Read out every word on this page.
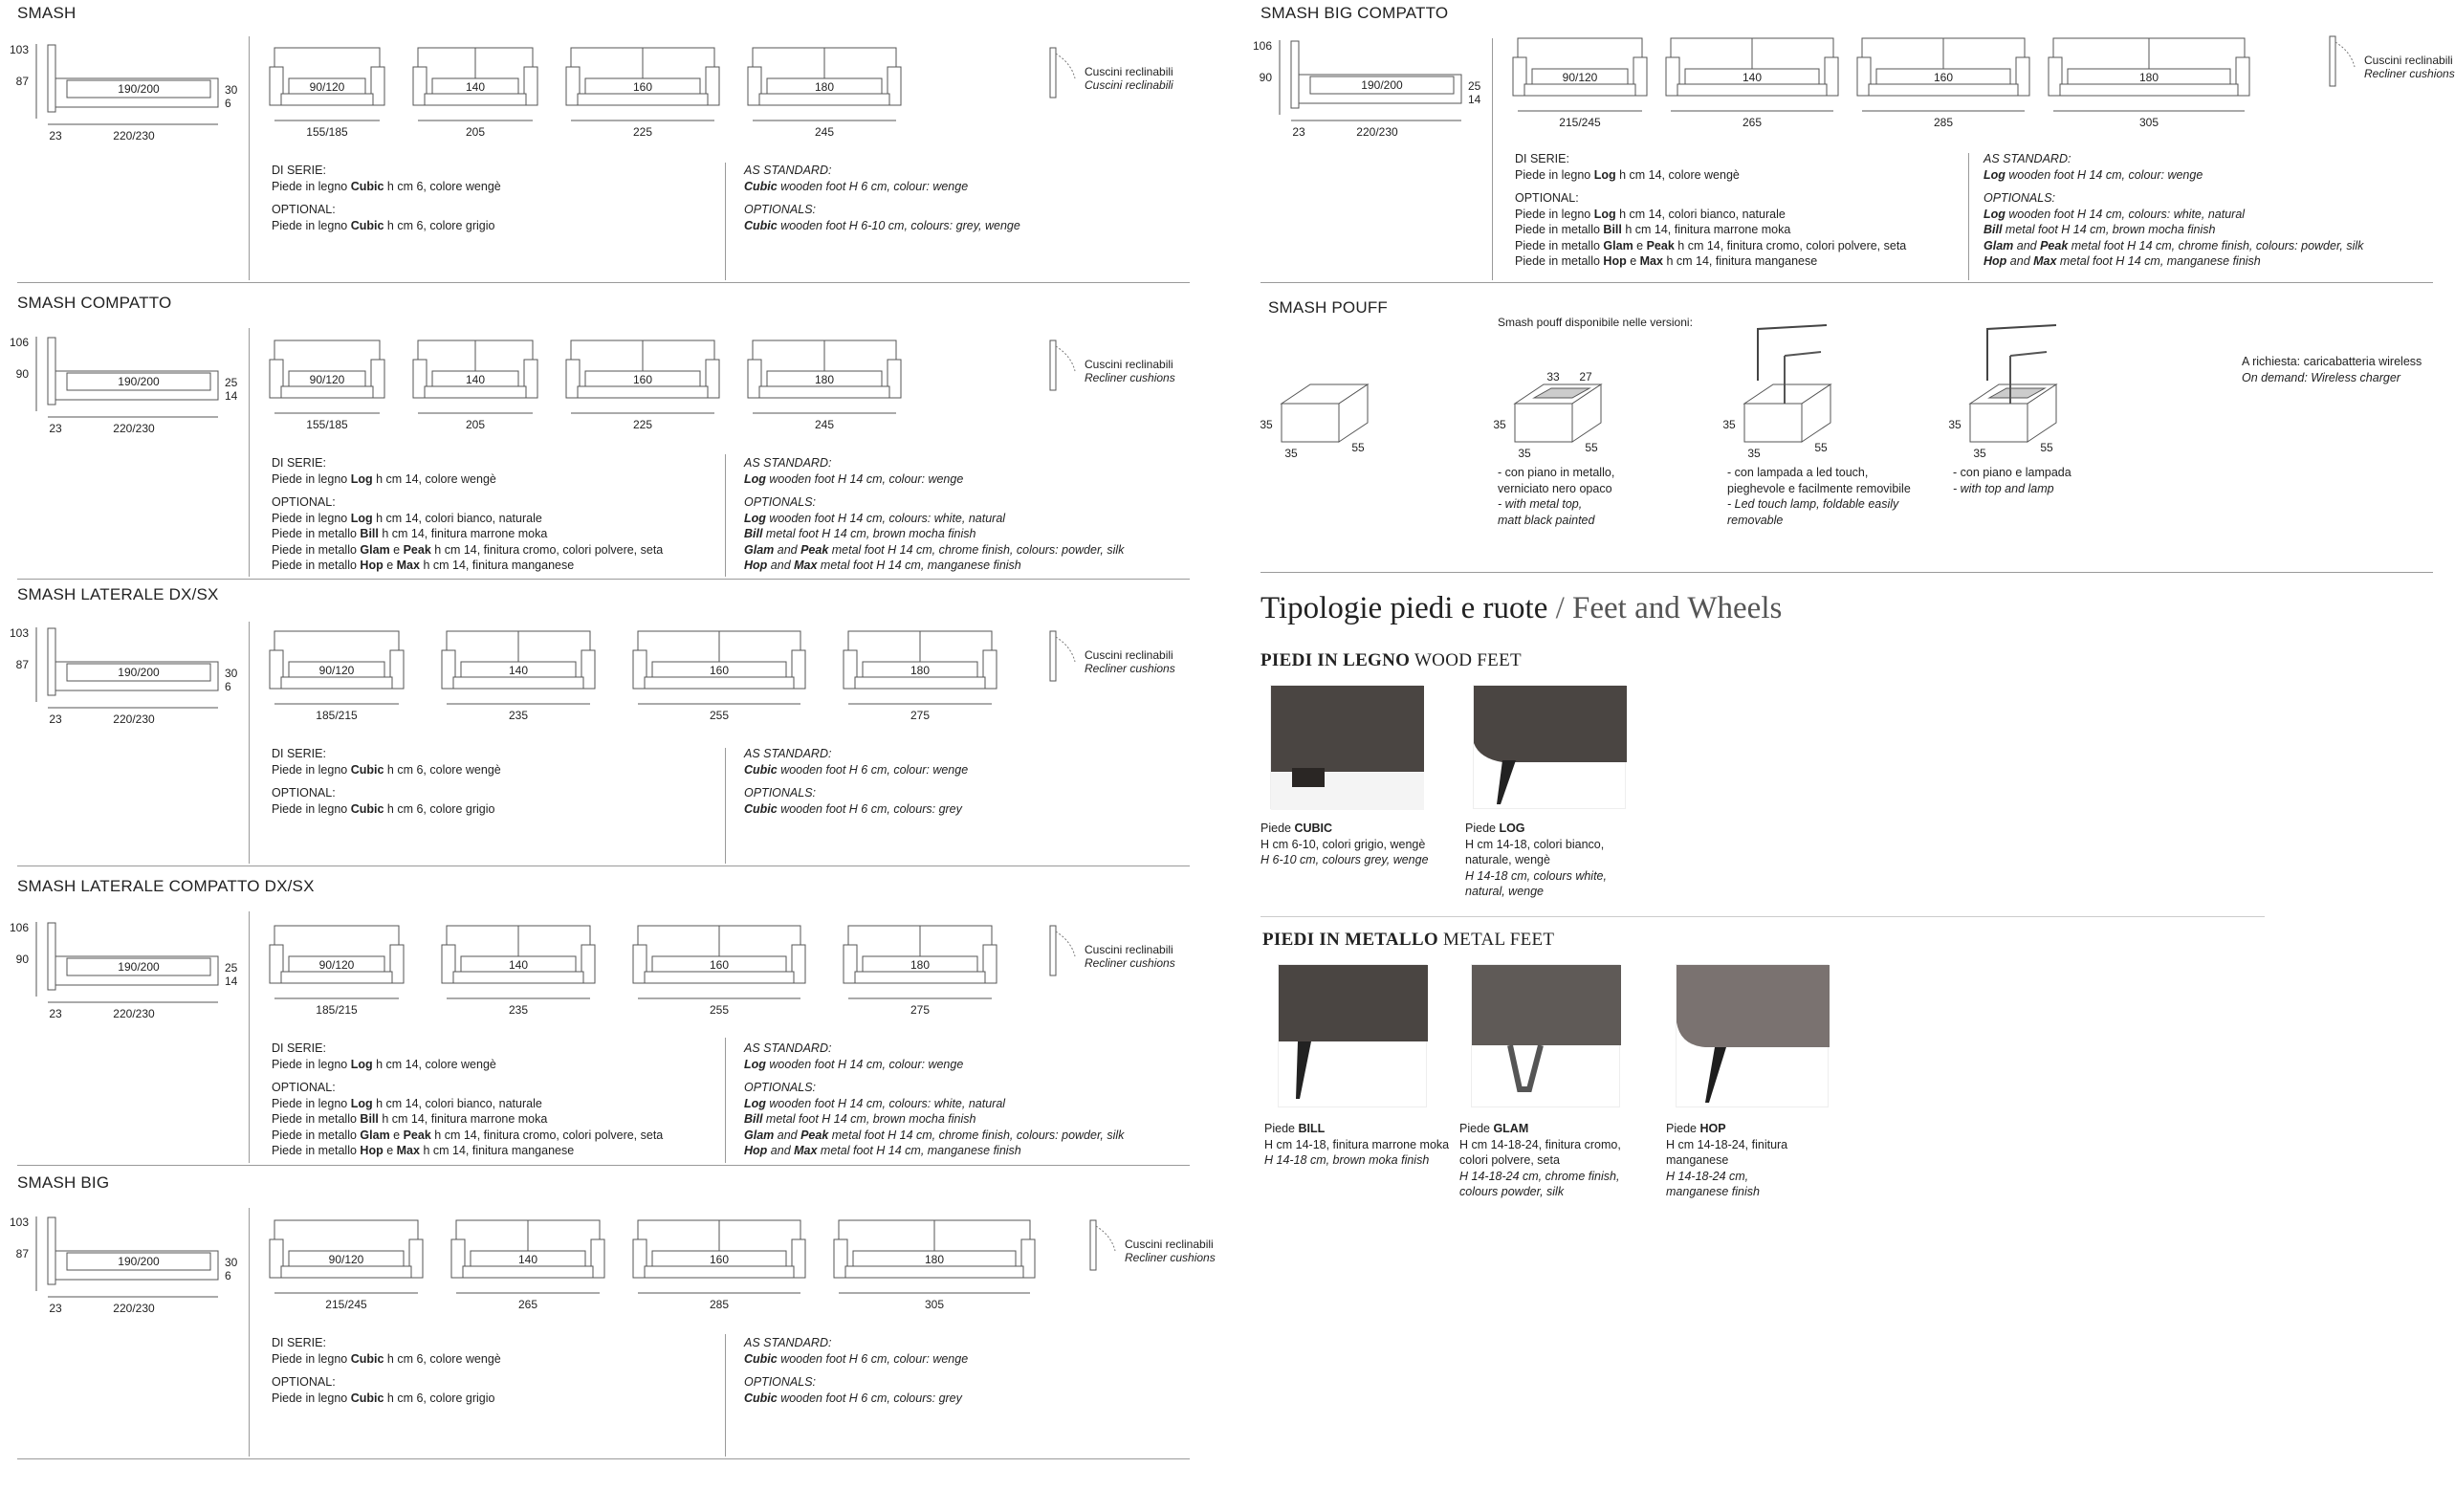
SMASH
190/200
103
87
23	220/230
30
6
90/120
155/185
140
205
160
225
180
245
Cuscini reclinabili
Cuscini reclinabili
DI SERIE:
Piede in legno Cubic h cm 6, colore wengè
OPTIONAL:
Piede in legno Cubic h cm 6, colore grigio
AS STANDARD:
Cubic wooden foot H 6 cm, colour: wenge
OPTIONALS:
Cubic wooden foot H 6-10 cm, colours: grey, wenge
SMASH COMPATTO
190/200
106
90
23	220/230
25
14
90/120
155/185
140
205
160
225
180
245
Cuscini reclinabili
Recliner cushions
DI SERIE:
Piede in legno Log h cm 14, colore wengè
OPTIONAL:
Piede in legno Log h cm 14, colori bianco, naturale
Piede in metallo Bill h cm 14, finitura marrone moka
Piede in metallo Glam e Peak h cm 14, finitura cromo, colori polvere, seta
Piede in metallo Hop e Max h cm 14, finitura manganese
AS STANDARD:
Log wooden foot H 14 cm, colour: wenge
OPTIONALS:
Log wooden foot H 14 cm, colours: white, natural
Bill metal foot H 14 cm, brown mocha finish
Glam and Peak metal foot H 14 cm, chrome finish, colours: powder, silk
Hop and Max metal foot H 14 cm, manganese finish
SMASH LATERALE DX/SX
190/200
103
87
23	220/230
30
6
90/120
185/215
140
235
160
255
180
275
Cuscini reclinabili
Recliner cushions
DI SERIE:
Piede in legno Cubic h cm 6, colore wengè
OPTIONAL:
Piede in legno Cubic h cm 6, colore grigio
AS STANDARD:
Cubic wooden foot H 6 cm, colour: wenge
OPTIONALS:
Cubic wooden foot H 6 cm, colours: grey
SMASH LATERALE COMPATTO DX/SX
190/200
106
90
23	220/230
25
14
90/120
185/215
140
235
160
255
180
275
Cuscini reclinabili
Recliner cushions
DI SERIE:
Piede in legno Log h cm 14, colore wengè
OPTIONAL:
Piede in legno Log h cm 14, colori bianco, naturale
Piede in metallo Bill h cm 14, finitura marrone moka
Piede in metallo Glam e Peak h cm 14, finitura cromo, colori polvere, seta
Piede in metallo Hop e Max h cm 14, finitura manganese
AS STANDARD:
Log wooden foot H 14 cm, colour: wenge
OPTIONALS:
Log wooden foot H 14 cm, colours: white, natural
Bill metal foot H 14 cm, brown mocha finish
Glam and Peak metal foot H 14 cm, chrome finish, colours: powder, silk
Hop and Max metal foot H 14 cm, manganese finish
SMASH BIG
190/200
103
87
23	220/230
30
6
90/120
215/245
140
265
160
285
180
305
Cuscini reclinabili
Recliner cushions
DI SERIE:
Piede in legno Cubic h cm 6, colore wengè
OPTIONAL:
Piede in legno Cubic h cm 6, colore grigio
AS STANDARD:
Cubic wooden foot H 6 cm, colour: wenge
OPTIONALS:
Cubic wooden foot H 6 cm, colours: grey
SMASH BIG COMPATTO
190/200
106
90
23	220/230
25
14
90/120
215/245
140
265
160
285
180
305
Cuscini reclinabili
Recliner cushions
DI SERIE:
Piede in legno Log h cm 14, colore wengè
OPTIONAL:
Piede in legno Log h cm 14, colori bianco, naturale
Piede in metallo Bill h cm 14, finitura marrone moka
Piede in metallo Glam e Peak h cm 14, finitura cromo, colori polvere, seta
Piede in metallo Hop e Max h cm 14, finitura manganese
AS STANDARD:
Log wooden foot H 14 cm, colour: wenge
OPTIONALS:
Log wooden foot H 14 cm, colours: white, natural
Bill metal foot H 14 cm, brown mocha finish
Glam and Peak metal foot H 14 cm, chrome finish, colours: powder, silk
Hop and Max metal foot H 14 cm, manganese finish
SMASH POUFF
Smash pouff disponibile nelle versioni:
35
35	55
35
35	55
33 27
35
35	55
35
35	55
- con piano in metallo,
verniciato nero opaco
- with metal top,
matt black painted
- con lampada a led touch,
pieghevole e facilmente removibile
- Led touch lamp, foldable easily
removable
- con piano e lampada
- with top and lamp
A richiesta: caricabatteria wireless
On demand: Wireless charger
Tipologie piedi e ruote / Feet and Wheels
PIEDI IN LEGNO WOOD FEET
PIEDI IN METALLO METAL FEET
Piede CUBIC
H cm 6-10, colori grigio, wengè
H 6-10 cm, colours grey, wenge
Piede LOG
H cm 14-18, colori bianco,
naturale, wengè
H 14-18 cm, colours white,
natural, wenge
Piede BILL
H cm 14-18, finitura marrone moka
H 14-18 cm, brown moka finish
Piede GLAM
H cm 14-18-24, finitura cromo,
colori polvere, seta
H 14-18-24 cm, chrome finish,
colours powder, silk
Piede HOP
H cm 14-18-24, finitura
manganese
H 14-18-24 cm,
manganese finish
